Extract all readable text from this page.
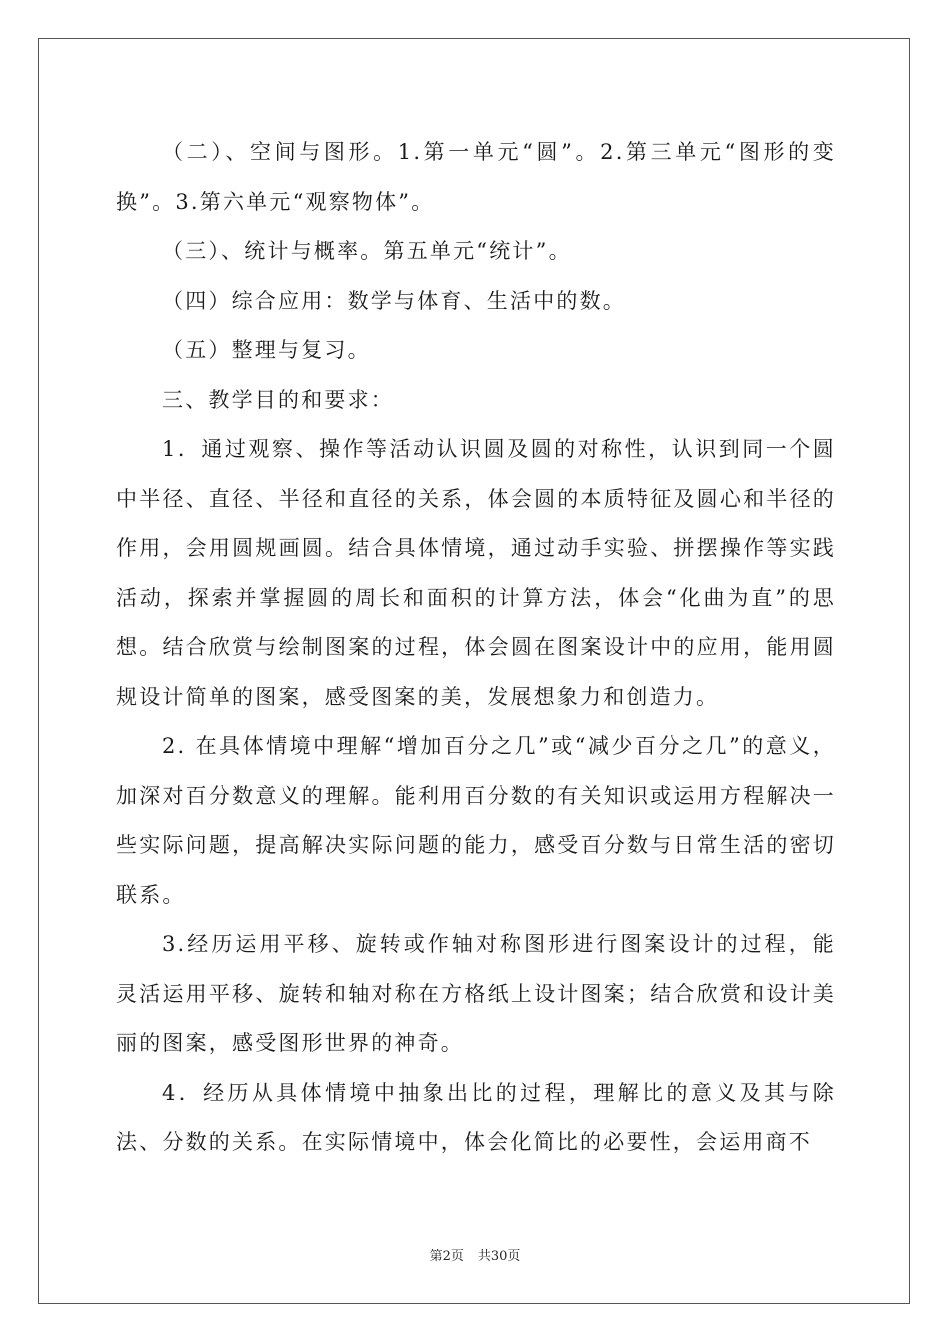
（二）、空间与图形。1.第一单元“圆”。2.第三单元“图形的变换”。3.第六单元“观察物体”。

（三）、统计与概率。第五单元“统计”。

（四）综合应用：数学与体育、生活中的数。

（五）整理与复习。

三、教学目的和要求：

1．通过观察、操作等活动认识圆及圆的对称性，认识到同一个圆中半径、直径、半径和直径的关系，体会圆的本质特征及圆心和半径的作用，会用圆规画圆。结合具体情境，通过动手实验、拼摆操作等实践活动，探索并掌握圆的周长和面积的计算方法，体会“化曲为直”的思想。结合欣赏与绘制图案的过程，体会圆在图案设计中的应用，能用圆规设计简单的图案，感受图案的美，发展想象力和创造力。

2. 在具体情境中理解“增加百分之几”或“减少百分之几”的意义，加深对百分数意义的理解。能利用百分数的有关知识或运用方程解决一些实际问题，提高解决实际问题的能力，感受百分数与日常生活的密切联系。

3.经历运用平移、旋转或作轴对称图形进行图案设计的过程，能灵活运用平移、旋转和轴对称在方格纸上设计图案；结合欣赏和设计美丽的图案，感受图形世界的神奇。

4．经历从具体情境中抽象出比的过程，理解比的意义及其与除法、分数的关系。在实际情境中，体会化简比的必要性，会运用商不

第2页 共30页
